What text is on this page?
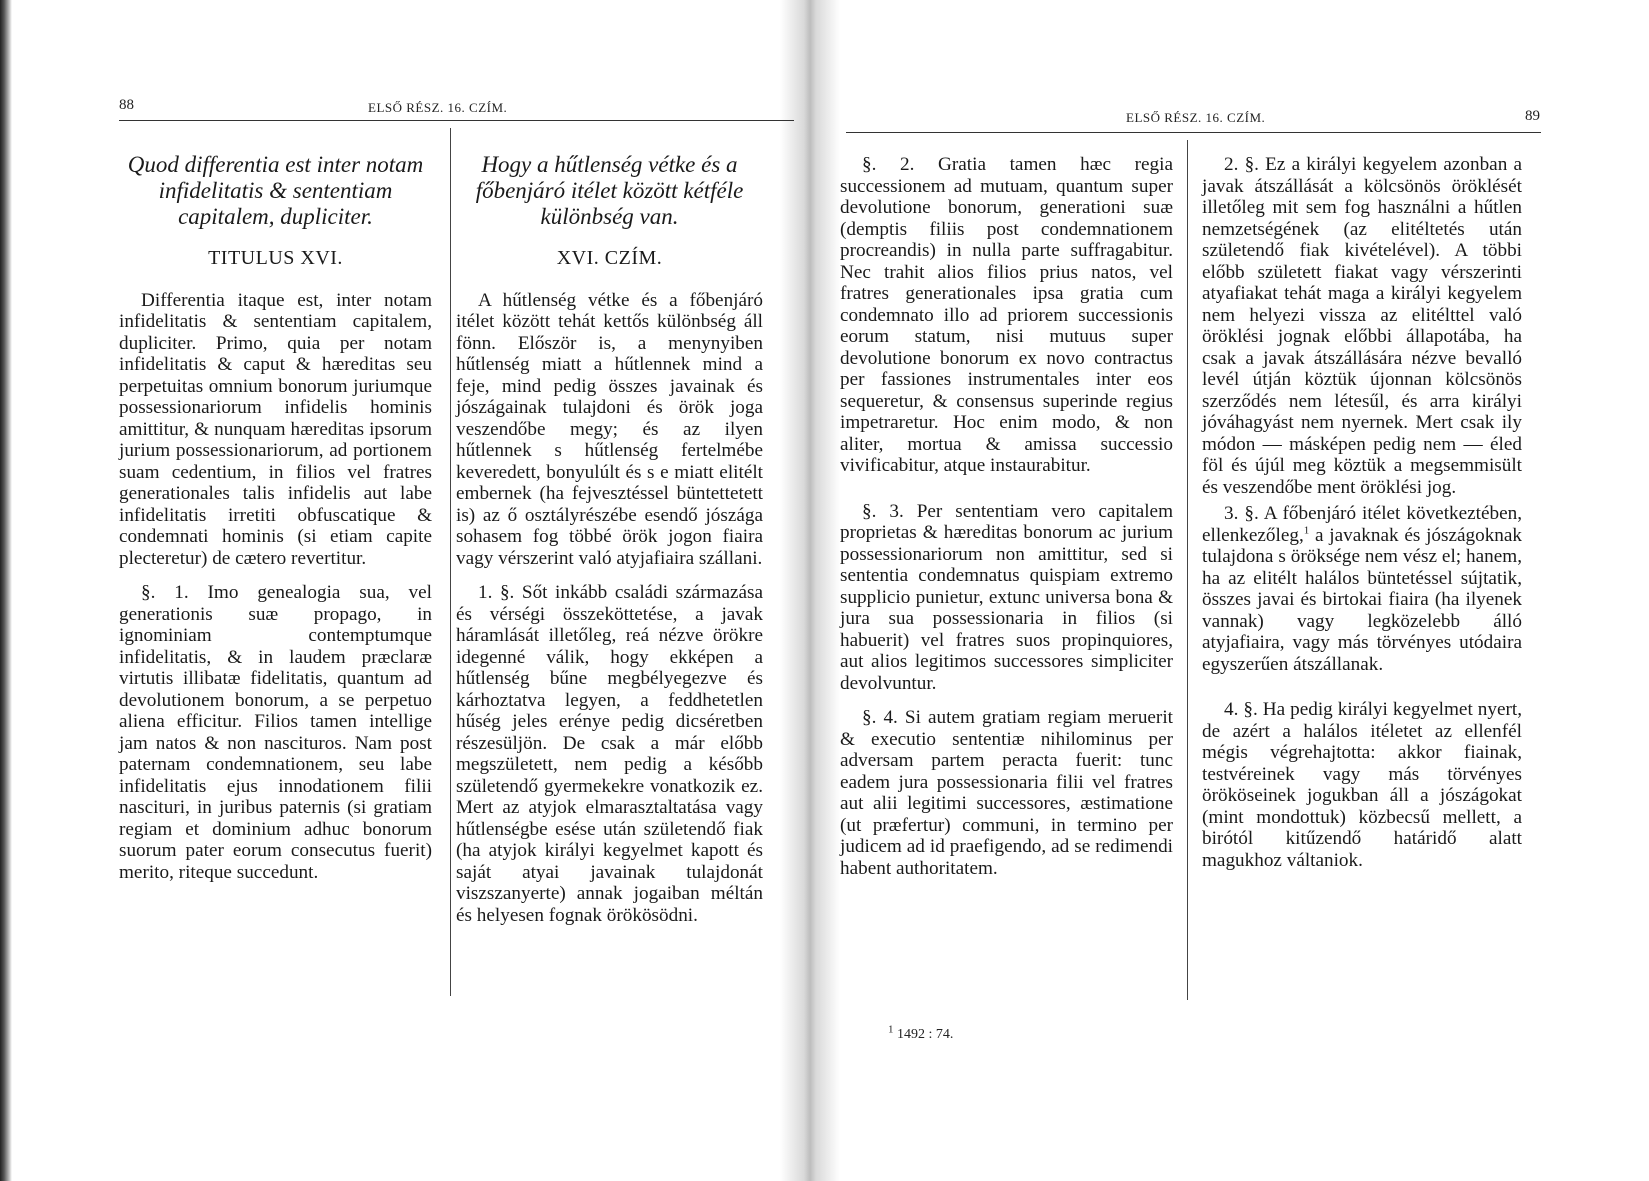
88	ELSŐ RÉSZ. 16. CZÍM.

Quod differentia est inter notam infidelitatis & sententiam capitalem, dupliciter.

TITULUS XVI.

Differentia itaque est, inter notam infidelitatis & sententiam capitalem, dupliciter. Primo, quia per notam infidelitatis & caput & hæreditas seu perpetuitas omnium bonorum juriumque possessionariorum infidelis hominis amittitur, & nunquam hæreditas ipsorum jurium possessionariorum, ad portionem suam cedentium, in filios vel fratres generationales talis infidelis aut labe infidelitatis irretiti obfuscatique & condemnati hominis (si etiam capite plecteretur) de cætero revertitur.

§. 1. Imo genealogia sua, vel generationis suæ propago, in ignominiam contemptumque infidelitatis, & in laudem præclaræ virtutis illibatæ fidelitatis, quantum ad devolutionem bonorum, a se perpetuo aliena efficitur. Filios tamen intellige jam natos & non nascituros. Nam post paternam condemnationem, seu labe infidelitatis ejus innodationem filii nascituri, in juribus paternis (si gratiam regiam et dominium adhuc bonorum suorum pater eorum consecutus fuerit) merito, riteque succedunt.

Hogy a hűtlenség vétke és a főbenjáró itélet között kétféle különbség van.

XVI. CZÍM.

A hűtlenség vétke és a főbenjáró itélet között tehát kettős különbség áll fönn. Először is, a menynyiben hűtlenség miatt a hűtlennek mind a feje, mind pedig összes javainak és jószágainak tulajdoni és örök joga veszendőbe megy; és az ilyen hűtlennek s hűtlenség fertelmébe keveredett, bonyulúlt és s e miatt elitélt embernek (ha fejvesztéssel büntettetett is) az ő osztályrészébe esendő jószága sohasem fog többé örök jogon fiaira vagy vérszerint való atyjafiaira szállani.

1. §. Sőt inkább családi származása és vérségi összeköttetése, a javak háramlását illetőleg, reá nézve örökre idegenné válik, hogy ekképen a hűtlenség bűne megbélyegezve és kárhoztatva legyen, a feddhetetlen hűség jeles erénye pedig dicséretben részesüljön. De csak a már előbb megszületett, nem pedig a később születendő gyermekekre vonatkozik ez. Mert az atyjok elmarasztaltatása vagy hűtlenségbe esése után születendő fiak (ha atyjok királyi kegyelmet kapott és saját atyai javainak tulajdonát viszszanyerte) annak jogaiban méltán és helyesen fognak örökösödni.

ELSŐ RÉSZ. 16. CZÍM.	89

§. 2. Gratia tamen hæc regia successionem ad mutuam, quantum super devolutione bonorum, generationi suæ (demptis filiis post condemnationem procreandis) in nulla parte suffragabitur. Nec trahit alios filios prius natos, vel fratres generationales ipsa gratia cum condemnato illo ad priorem successionis eorum statum, nisi mutuus super devolutione bonorum ex novo contractus per fassiones instrumentales inter eos sequeretur, & consensus superinde regius impetraretur. Hoc enim modo, & non aliter, mortua & amissa successio vivificabitur, atque instaurabitur.

§. 3. Per sententiam vero capitalem proprietas & hæreditas bonorum ac jurium possessionariorum non amittitur, sed si sententia condemnatus quispiam extremo supplicio punietur, extunc universa bona & jura sua possessionaria in filios (si habuerit) vel fratres suos propinquiores, aut alios legitimos successores simpliciter devolvuntur.

§. 4. Si autem gratiam regiam meruerit & executio sententiæ nihilominus per adversam partem peracta fuerit: tunc eadem jura possessionaria filii vel fratres aut alii legitimi successores, æstimatione (ut præfertur) communi, in termino per judicem ad id praefigendo, ad se redimendi habent authoritatem.

$^1$ 1492 : 74.

2. §. Ez a királyi kegyelem azonban a javak átszállását a kölcsönös öröklését illetőleg mit sem fog használni a hűtlen nemzetségének (az elitéltetés után születendő fiak kivételével). A többi előbb született fiakat vagy vérszerinti atyafiakat tehát maga a királyi kegyelem nem helyezi vissza az elitélttel való öröklési jognak előbbi állapotába, ha csak a javak átszállására nézve bevalló levél útján köztük újonnan kölcsönös szerződés nem létesűl, és arra királyi jóváhagyást nem nyernek. Mert csak ily módon — másképen pedig nem — éled föl és újúl meg köztük a megsemmisült és veszendőbe ment öröklési jog.

3. §. A főbenjáró itélet következtében, ellenkezőleg,$^1$ a javaknak és jószágoknak tulajdona s öröksége nem vész el; hanem, ha az elitélt halálos büntetéssel sújtatik, összes javai és birtokai fiaira (ha ilyenek vannak) vagy legközelebb álló atyjafiaira, vagy más törvényes utódaira egyszerűen átszállanak.

4. §. Ha pedig királyi kegyelmet nyert, de azért a halálos itéletet az ellenfél mégis végrehajtotta: akkor fiainak, testvéreinek vagy más törvényes örököseinek jogukban áll a jószágokat (mint mondottuk) közbecsű mellett, a birótól kitűzendő határidő alatt magukhoz váltaniok.
